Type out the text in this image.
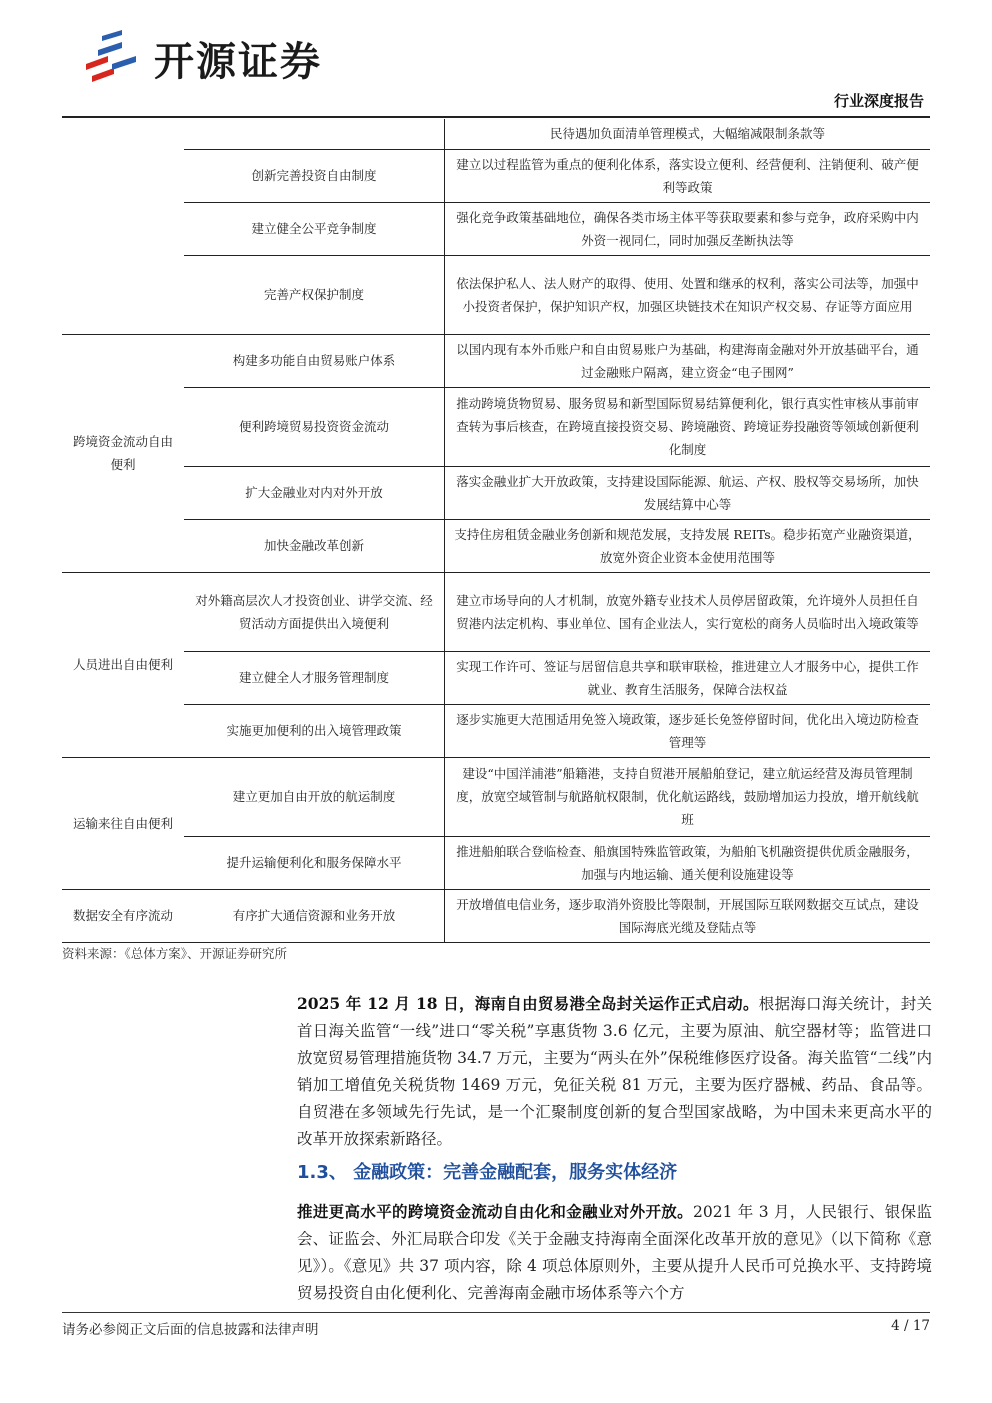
开源证券
行业深度报告
		民待遇加负面清单管理模式，大幅缩减限制条款等
	创新完善投资自由制度	建立以过程监管为重点的便利化体系，落实设立便利、经营便利、注销便利、破产便利等政策
	建立健全公平竞争制度	强化竞争政策基础地位，确保各类市场主体平等获取要素和参与竞争，政府采购中内外资一视同仁，同时加强反垄断执法等
	完善产权保护制度	依法保护私人、法人财产的取得、使用、处置和继承的权利，落实公司法等，加强中小投资者保护，保护知识产权，加强区块链技术在知识产权交易、存证等方面应用
跨境资金流动自由便利	构建多功能自由贸易账户体系	以国内现有本外币账户和自由贸易账户为基础，构建海南金融对外开放基础平台，通过金融账户隔离，建立资金“电子围网”
	便利跨境贸易投资资金流动	推动跨境货物贸易、服务贸易和新型国际贸易结算便利化，银行真实性审核从事前审查转为事后核查，在跨境直接投资交易、跨境融资、跨境证券投融资等领域创新便利化制度
	扩大金融业对内对外开放	落实金融业扩大开放政策，支持建设国际能源、航运、产权、股权等交易场所，加快发展结算中心等
	加快金融改革创新	支持住房租赁金融业务创新和规范发展，支持发展 REITs。稳步拓宽产业融资渠道，放宽外资企业资本金使用范围等
人员进出自由便利	对外籍高层次人才投资创业、讲学交流、经贸活动方面提供出入境便利	建立市场导向的人才机制，放宽外籍专业技术人员停居留政策，允许境外人员担任自贸港内法定机构、事业单位、国有企业法人，实行宽松的商务人员临时出入境政策等
	建立健全人才服务管理制度	实现工作许可、签证与居留信息共享和联审联检，推进建立人才服务中心，提供工作就业、教育生活服务，保障合法权益
	实施更加便利的出入境管理政策	逐步实施更大范围适用免签入境政策，逐步延长免签停留时间，优化出入境边防检查管理等
运输来往自由便利	建立更加自由开放的航运制度	建设“中国洋浦港”船籍港，支持自贸港开展船舶登记，建立航运经营及海员管理制度，放宽空域管制与航路航权限制，优化航运路线，鼓励增加运力投放，增开航线航班
	提升运输便利化和服务保障水平	推进船舶联合登临检查、船旗国特殊监管政策，为船舶飞机融资提供优质金融服务，加强与内地运输、通关便利设施建设等
数据安全有序流动	有序扩大通信资源和业务开放	开放增值电信业务，逐步取消外资股比等限制，开展国际互联网数据交互试点，建设国际海底光缆及登陆点等
资料来源：《总体方案》、开源证券研究所
2025 年 12 月 18 日，海南自由贸易港全岛封关运作正式启动。根据海口海关统计，封关首日海关监管“一线”进口“零关税”享惠货物 3.6 亿元，主要为原油、航空器材等；监管进口放宽贸易管理措施货物 34.7 万元，主要为“两头在外”保税维修医疗设备。海关监管“二线”内销加工增值免关税货物 1469 万元，免征关税 81 万元，主要为医疗器械、药品、食品等。自贸港在多领域先行先试，是一个汇聚制度创新的复合型国家战略，为中国未来更高水平的改革开放探索新路径。
1.3、 金融政策：完善金融配套，服务实体经济
推进更高水平的跨境资金流动自由化和金融业对外开放。2021 年 3 月，人民银行、银保监会、证监会、外汇局联合印发《关于金融支持海南全面深化改革开放的意见》（以下简称《意见》）。《意见》共 37 项内容，除 4 项总体原则外，主要从提升人民币可兑换水平、支持跨境贸易投资自由化便利化、完善海南金融市场体系等六个方
请务必参阅正文后面的信息披露和法律声明	4 / 17
